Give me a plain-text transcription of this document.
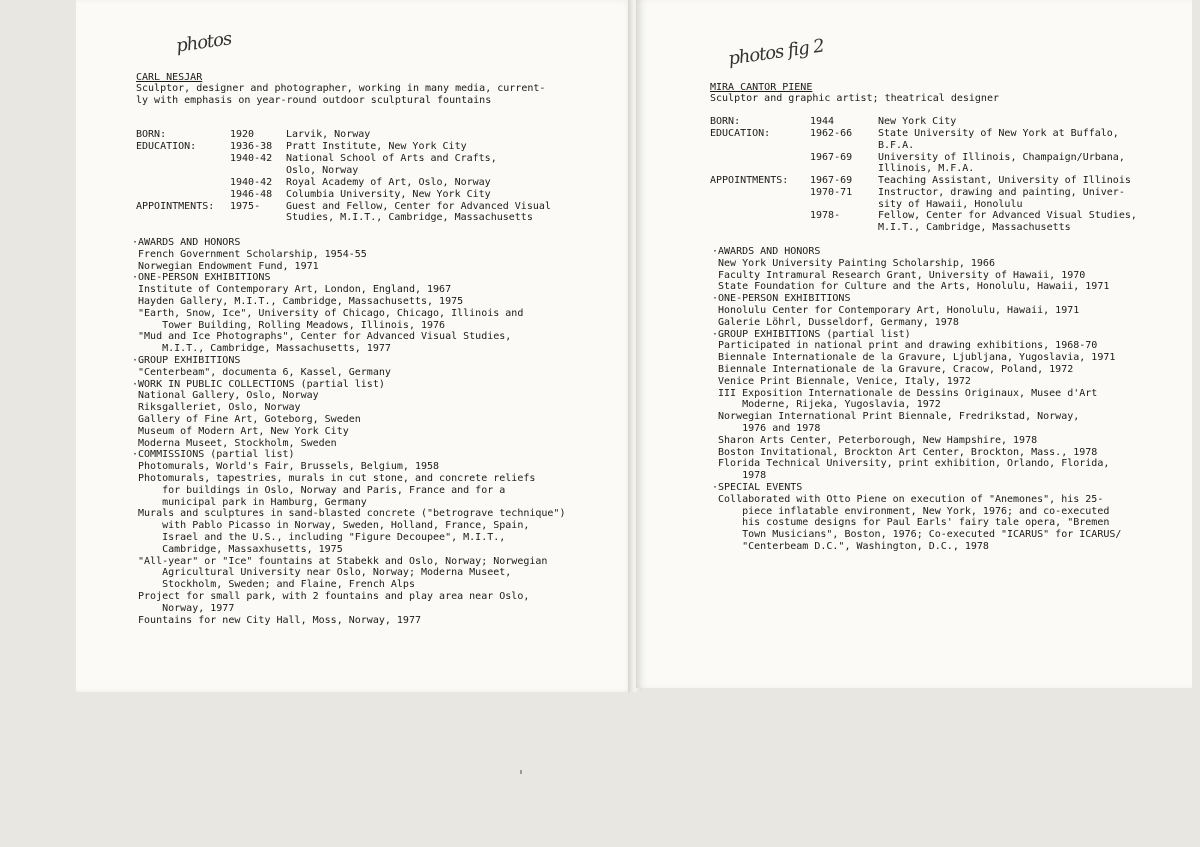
photos
CARL NESJAR
Sculptor, designer and photographer, working in many media, current-
ly with emphasis on year-round outdoor sculptural fountains
BORN:	1920	Larvik, Norway
EDUCATION:	1936-38 Pratt Institute, New York City
1940-42 National School of Arts and Crafts,
Oslo, Norway
1940-42 Royal Academy of Art, Oslo, Norway
1946-48 Columbia University, New York City
APPOINTMENTS: 1975-	Guest and Fellow, Center for Advanced Visual
Studies, M.I.T., Cambridge, Massachusetts
·AWARDS AND HONORS
French Government Scholarship, 1954-55
Norwegian Endowment Fund, 1971
·ONE-PERSON EXHIBITIONS
Institute of Contemporary Art, London, England, 1967
Hayden Gallery, M.I.T., Cambridge, Massachusetts, 1975
"Earth, Snow, Ice", University of Chicago, Chicago, Illinois and
Tower Building, Rolling Meadows, Illinois, 1976
"Mud and Ice Photographs", Center for Advanced Visual Studies,
M.I.T., Cambridge, Massachusetts, 1977
·GROUP EXHIBITIONS
"Centerbeam", documenta 6, Kassel, Germany
·WORK IN PUBLIC COLLECTIONS (partial list)
National Gallery, Oslo, Norway
Riksgalleriet, Oslo, Norway
Gallery of Fine Art, Goteborg, Sweden
Museum of Modern Art, New York City
Moderna Museet, Stockholm, Sweden
·COMMISSIONS (partial list)
Photomurals, World's Fair, Brussels, Belgium, 1958
Photomurals, tapestries, murals in cut stone, and concrete reliefs
for buildings in Oslo, Norway and Paris, France and for a
municipal park in Hamburg, Germany
Murals and sculptures in sand-blasted concrete ("betrograve technique")
with Pablo Picasso in Norway, Sweden, Holland, France, Spain,
Israel and the U.S., including "Figure Decoupee", M.I.T.,
Cambridge, Massaxhusetts, 1975
"All-year" or "Ice" fountains at Stabekk and Oslo, Norway; Norwegian
Agricultural University near Oslo, Norway; Moderna Museet,
Stockholm, Sweden; and Flaine, French Alps
Project for small park, with 2 fountains and play area near Oslo,
Norway, 1977
Fountains for new City Hall, Moss, Norway, 1977
photos fig 2
MIRA CANTOR PIENE
Sculptor and graphic artist; theatrical designer
BORN:	1944	New York City
EDUCATION:	1962-66	State University of New York at Buffalo,
B.F.A.
1967-69	University of Illinois, Champaign/Urbana,
Illinois, M.F.A.
APPOINTMENTS: 1967-69	Teaching Assistant, University of Illinois
1970-71	Instructor, drawing and painting, Univer-
sity of Hawaii, Honolulu
1978-	Fellow, Center for Advanced Visual Studies,
M.I.T., Cambridge, Massachusetts
·AWARDS AND HONORS
New York University Painting Scholarship, 1966
Faculty Intramural Research Grant, University of Hawaii, 1970
State Foundation for Culture and the Arts, Honolulu, Hawaii, 1971
·ONE-PERSON EXHIBITIONS
Honolulu Center for Contemporary Art, Honolulu, Hawaii, 1971
Galerie Löhrl, Dusseldorf, Germany, 1978
·GROUP EXHIBITIONS (partial list)
Participated in national print and drawing exhibitions, 1968-70
Biennale Internationale de la Gravure, Ljubljana, Yugoslavia, 1971
Biennale Internationale de la Gravure, Cracow, Poland, 1972
Venice Print Biennale, Venice, Italy, 1972
III Exposition Internationale de Dessins Originaux, Musee d'Art
Moderne, Rijeka, Yugoslavia, 1972
Norwegian International Print Biennale, Fredrikstad, Norway,
1976 and 1978
Sharon Arts Center, Peterborough, New Hampshire, 1978
Boston Invitational, Brockton Art Center, Brockton, Mass., 1978
Florida Technical University, print exhibition, Orlando, Florida,
1978
·SPECIAL EVENTS
Collaborated with Otto Piene on execution of "Anemones", his 25-
piece inflatable environment, New York, 1976; and co-executed
his costume designs for Paul Earls' fairy tale opera, "Bremen
Town Musicians", Boston, 1976; Co-executed "ICARUS" for ICARUS/
"Centerbeam D.C.", Washington, D.C., 1978
